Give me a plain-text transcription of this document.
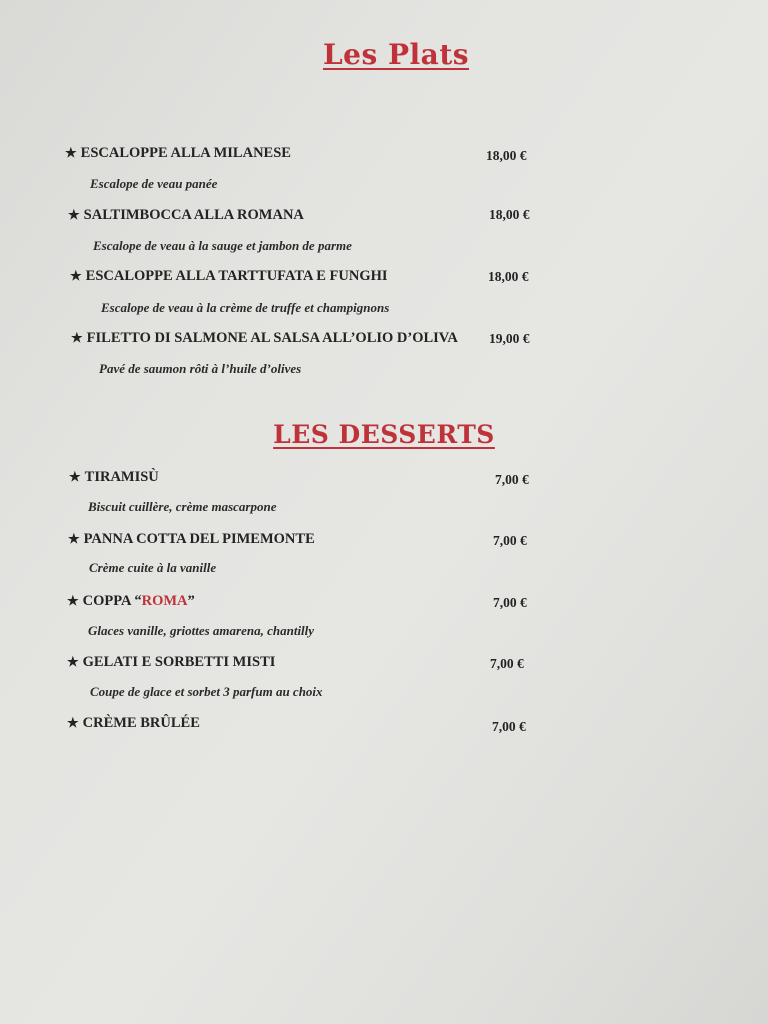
Les Plats
★ ESCALOPPE ALLA MILANESE	18,00 €
Escalope de veau panée
★ SALTIMBOCCA ALLA ROMANA	18,00 €
Escalope de veau à la sauge et jambon de parme
★ ESCALOPPE ALLA TARTTUFATA E FUNGHI	18,00 €
Escalope de veau à la crème de truffe et champignons
★ FILETTO DI SALMONE AL SALSA ALL’OLIO D’OLIVA 19,00 €
Pavé de saumon rôti à l’huile d’olives
LES DESSERTS
★ TIRAMISÙ	7,00 €
Biscuit cuillère, crème mascarpone
★ PANNA COTTA DEL PIMEMONTE	7,00 €
Crème cuite à la vanille
★ COPPA “ROMA”	7,00 €
Glaces vanille, griottes amarena, chantilly
★ GELATI E SORBETTI MISTI	7,00 €
Coupe de glace et sorbet 3 parfum au choix
★ CRÈME BRÛLÉE	7,00 €
